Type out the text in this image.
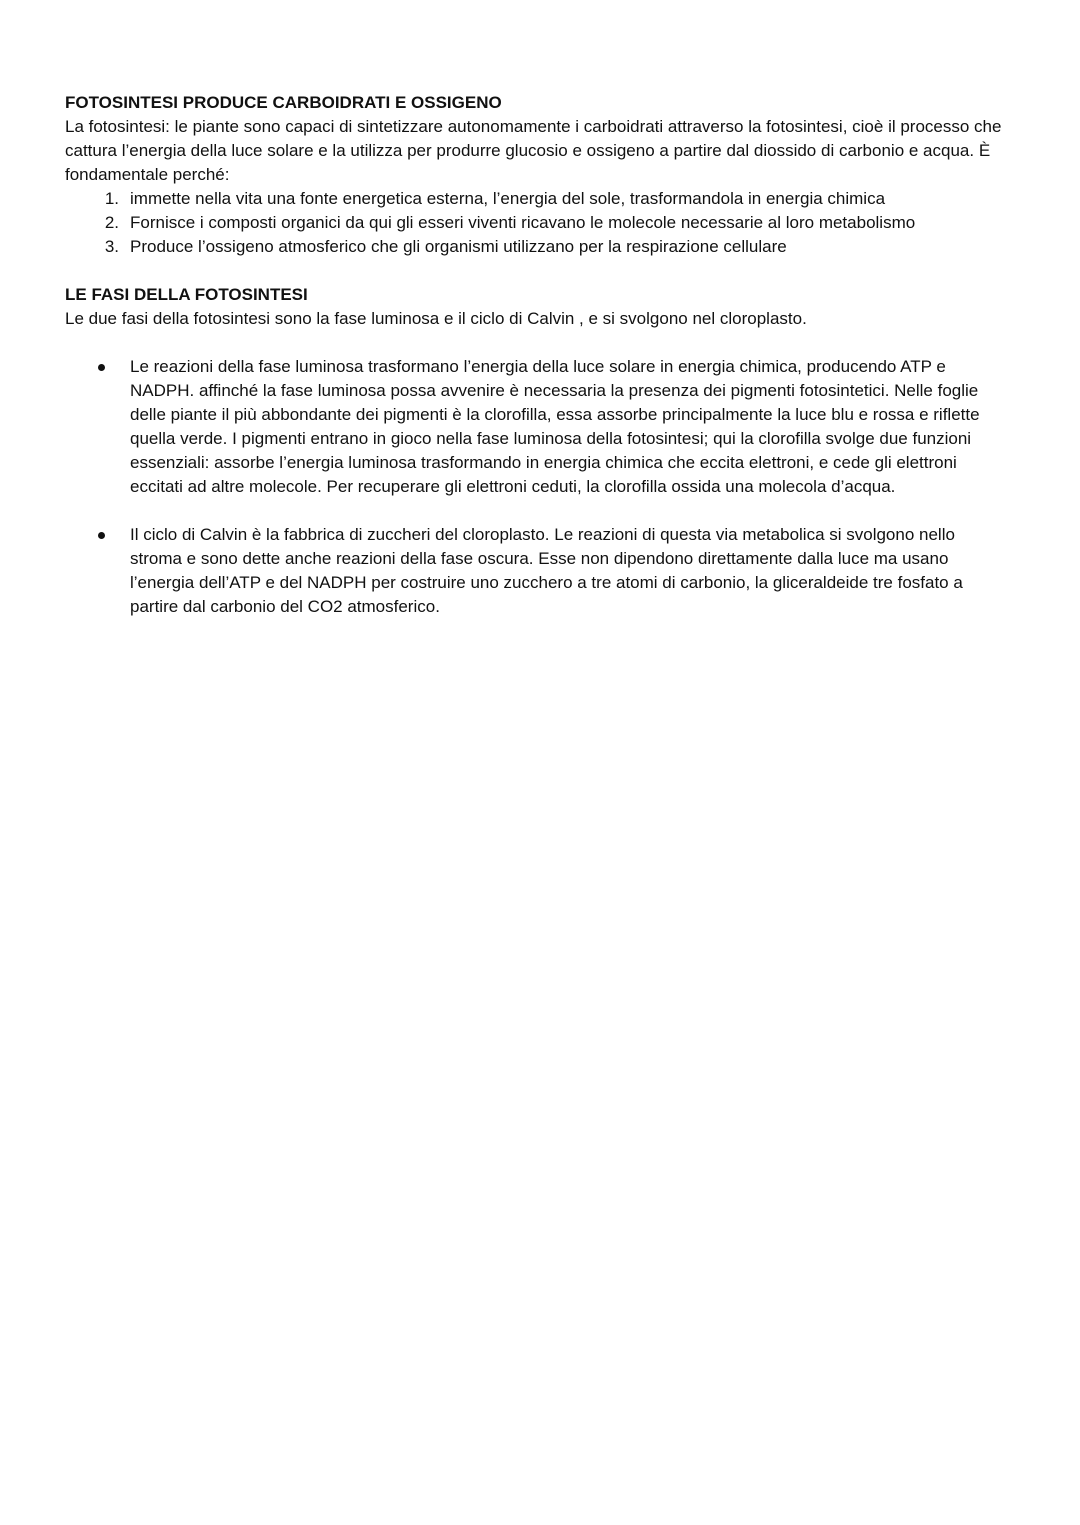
FOTOSINTESI PRODUCE CARBOIDRATI E OSSIGENO

La fotosintesi: le piante sono capaci di sintetizzare autonomamente i carboidrati attraverso la fotosintesi, cioè il processo che cattura l’energia della luce solare e la utilizza per produrre glucosio e ossigeno a partire dal diossido di carbonio e acqua. È fondamentale perché:

1. immette nella vita una fonte energetica esterna, l’energia del sole, trasformandola in energia chimica
2. Fornisce i composti organici da qui gli esseri viventi ricavano le molecole necessarie al loro metabolismo
3. Produce l’ossigeno atmosferico che gli organismi utilizzano per la respirazione cellulare
LE FASI DELLA FOTOSINTESI

Le due fasi della fotosintesi sono la fase luminosa e il ciclo di Calvin , e si svolgono nel cloroplasto.

Le reazioni della fase luminosa trasformano l’energia della luce solare in energia chimica, producendo ATP e NADPH. affinché la fase luminosa possa avvenire è necessaria la presenza dei pigmenti fotosintetici. Nelle foglie delle piante il più abbondante dei pigmenti è la clorofilla, essa assorbe principalmente la luce blu e rossa e riflette quella verde. I pigmenti entrano in gioco nella fase luminosa della fotosintesi; qui la clorofilla svolge due funzioni essenziali: assorbe l’energia luminosa trasformando in energia chimica che eccita elettroni, e cede gli elettroni eccitati ad altre molecole. Per recuperare gli elettroni ceduti, la clorofilla ossida una molecola d’acqua.
Il ciclo di Calvin è la fabbrica di zuccheri del cloroplasto. Le reazioni di questa via metabolica si svolgono nello stroma e sono dette anche reazioni della fase oscura. Esse non dipendono direttamente dalla luce ma usano l’energia dell’ATP e del NADPH per costruire uno zucchero a tre atomi di carbonio, la gliceraldeide tre fosfato a partire dal carbonio del CO2 atmosferico.
